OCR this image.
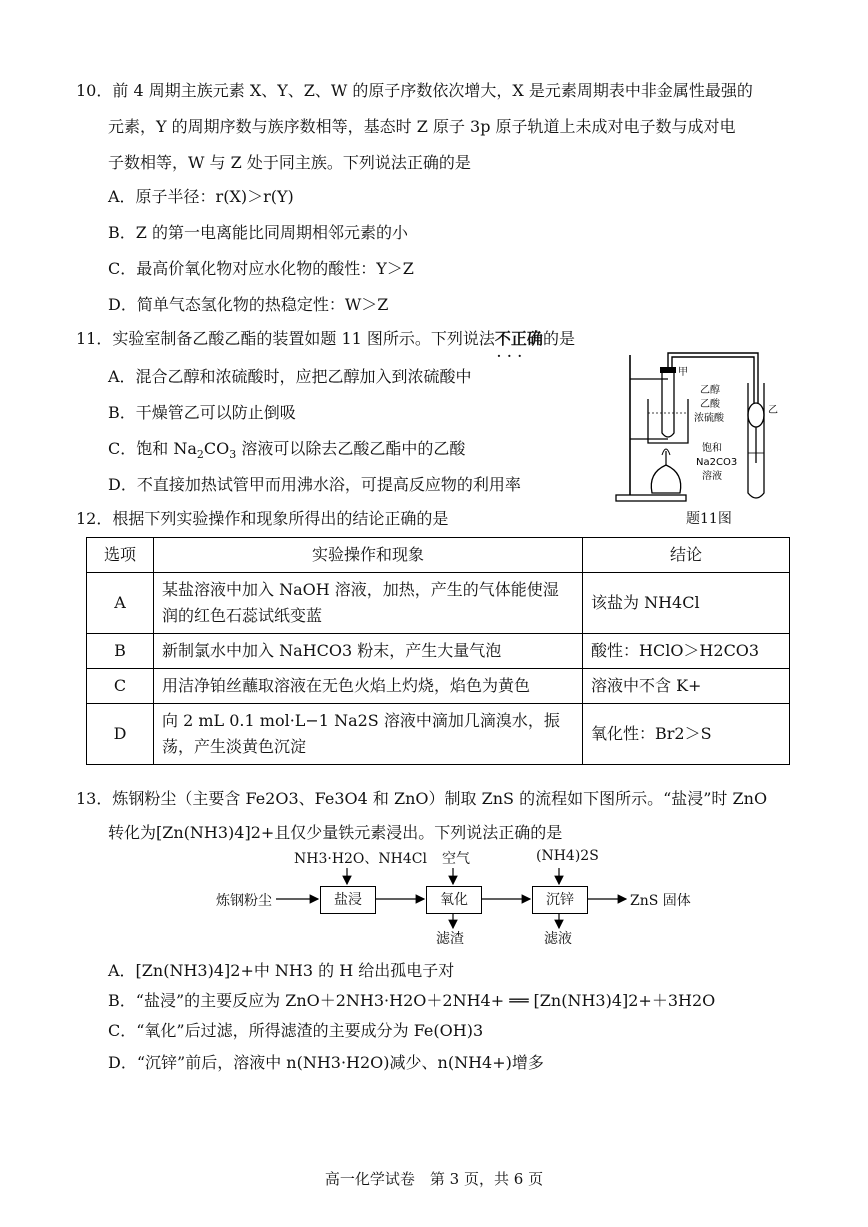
10．前 4 周期主族元素 X、Y、Z、W 的原子序数依次增大，X 是元素周期表中非金属性最强的
元素，Y 的周期序数与族序数相等，基态时 Z 原子 3p 原子轨道上未成对电子数与成对电
子数相等，W 与 Z 处于同主族。下列说法正确的是
A．原子半径：r(X)＞r(Y)
B．Z 的第一电离能比同周期相邻元素的小
C．最高价氧化物对应水化物的酸性：Y＞Z
D．简单气态氢化物的热稳定性：W＞Z
11．实验室制备乙酸乙酯的装置如题 11 图所示。下列说法不正确 · · ·的是
A．混合乙醇和浓硫酸时，应把乙醇加入到浓硫酸中
B．干燥管乙可以防止倒吸
C．饱和 $Na_2CO_3$ 溶液可以除去乙酸乙酯中的乙酸
D．不直接加热试管甲而用沸水浴，可提高反应物的利用率
甲
乙
乙醇
乙酸
浓硫酸
饱和
Na2CO3
溶液
题11图
12．根据下列实验操作和现象所得出的结论正确的是
选项	实验操作和现象	结论
A	某盐溶液中加入 NaOH 溶液，加热，产生的气体能使湿润的红色石蕊试纸变蓝	该盐为 NH4Cl
B	新制氯水中加入 NaHCO3 粉末，产生大量气泡	酸性：HClO＞H2CO3
C	用洁净铂丝蘸取溶液在无色火焰上灼烧，焰色为黄色	溶液中不含 K+
D	向 2 mL 0.1 mol·L−1 Na2S 溶液中滴加几滴溴水，振荡，产生淡黄色沉淀	氧化性：Br2＞S
13．炼钢粉尘（主要含 Fe2O3、Fe3O4 和 ZnO）制取 ZnS 的流程如下图所示。“盐浸”时 ZnO
转化为[Zn(NH3)4]2+且仅少量铁元素浸出。下列说法正确的是
NH3·H2O、NH4Cl 空气	(NH4)2S
炼钢粉尘	盐浸	氧化	沉锌	ZnS 固体
滤渣	滤液
A．[Zn(NH3)4]2+中 NH3 的 H 给出孤电子对
B．“盐浸”的主要反应为 ZnO＋2NH3·H2O＋2NH4+ ══ [Zn(NH3)4]2+＋3H2O
C．“氧化”后过滤，所得滤渣的主要成分为 Fe(OH)3
D．“沉锌”前后，溶液中 n(NH3·H2O)减少、n(NH4+)增多
高一化学试卷　第 3 页，共 6 页
